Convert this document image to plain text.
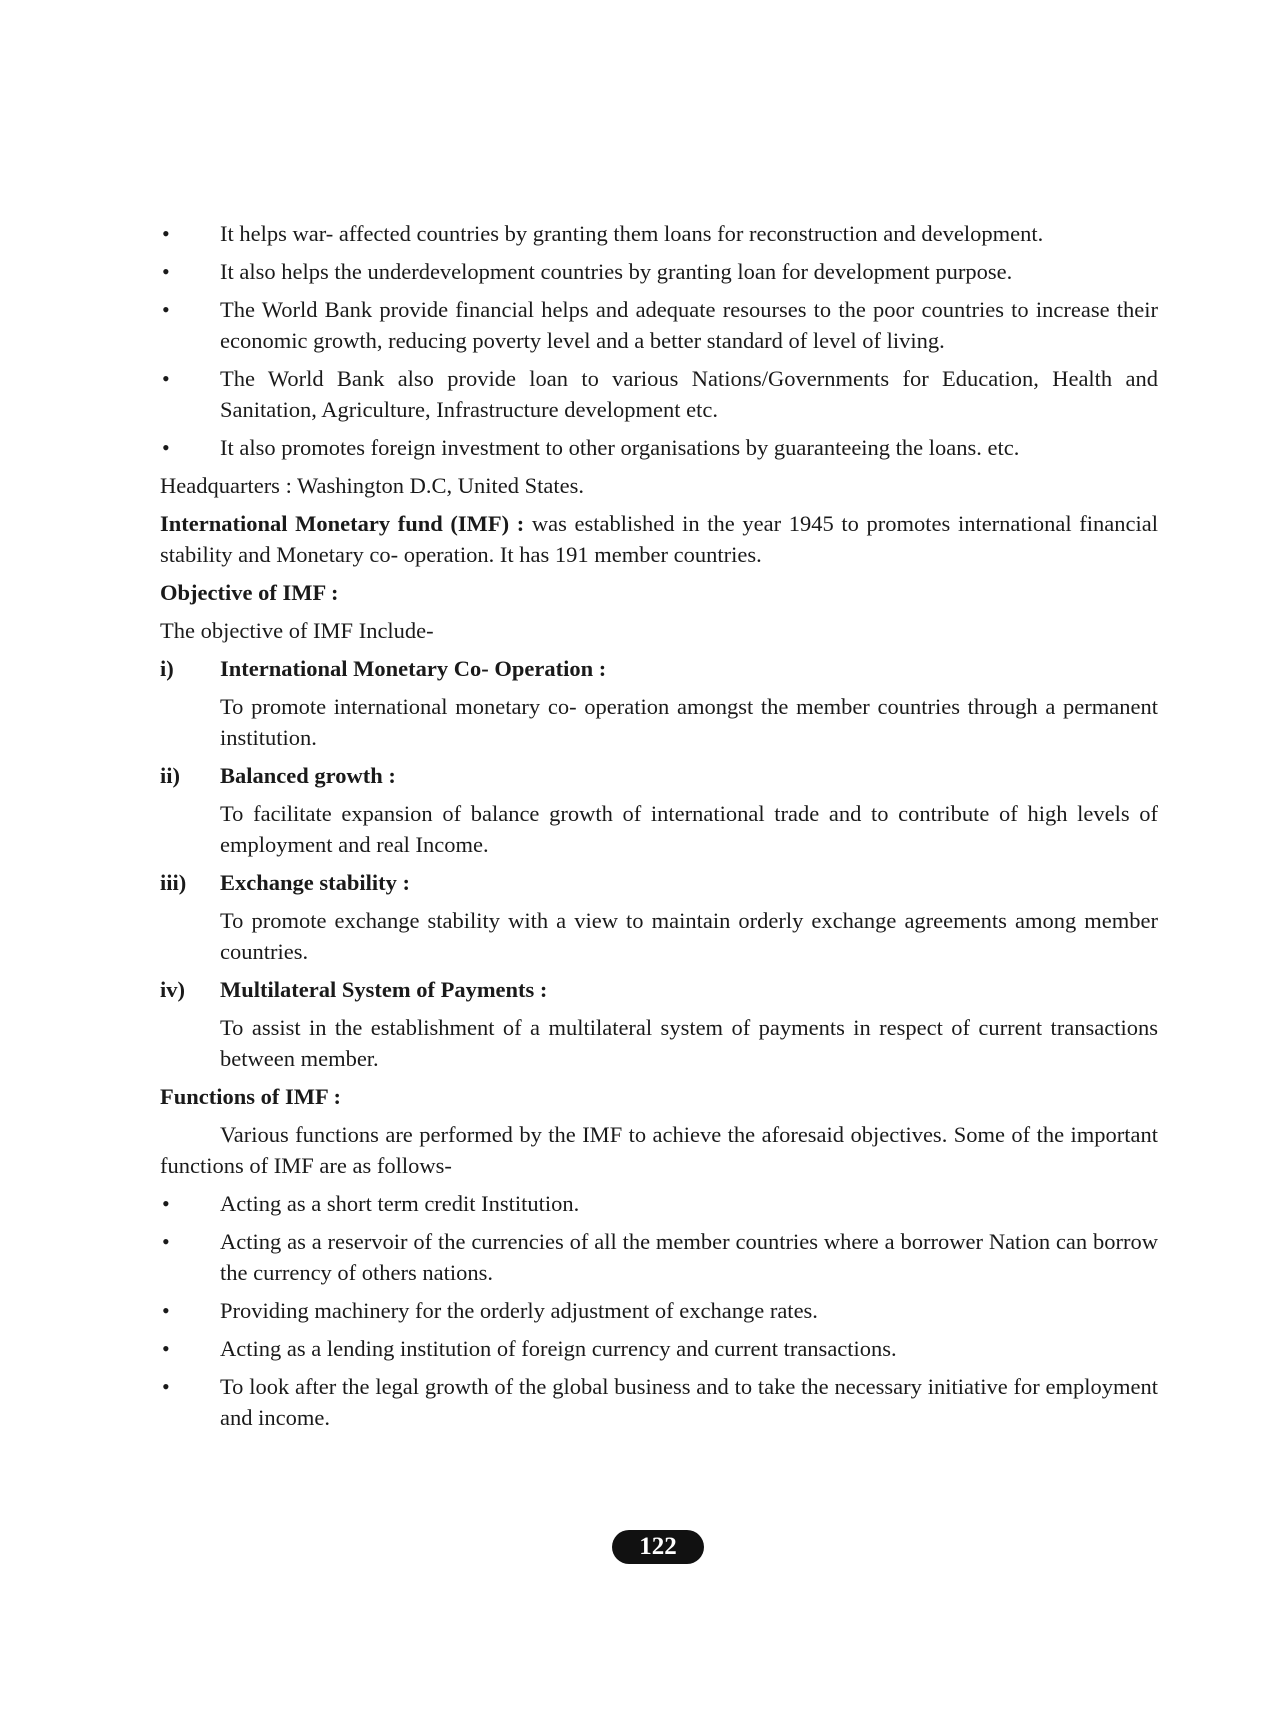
•	It helps war- affected countries by granting them loans for reconstruction and development.
•	It also helps the underdevelopment countries by granting loan for development purpose.
•	The World Bank provide financial helps and adequate resourses to the poor countries to increase their economic growth, reducing poverty level and a better standard of level of living.
•	The World Bank also provide loan to various Nations/Governments for Education, Health and Sanitation, Agriculture, Infrastructure development etc.
•	It also promotes foreign investment to other organisations by guaranteeing the loans. etc.

Headquarters : Washington D.C, United States.

International Monetary fund (IMF) : was established in the year 1945 to promotes international financial stability and Monetary co- operation. It has 191 member countries.

Objective of IMF :

The objective of IMF Include-

i) International Monetary Co- Operation :

To promote international monetary co- operation amongst the member countries through a permanent institution.

ii) Balanced growth :

To facilitate expansion of balance growth of international trade and to contribute of high levels of employment and real Income.

iii) Exchange stability :

To promote exchange stability with a view to maintain orderly exchange agreements among member countries.

iv) Multilateral System of Payments :

To assist in the establishment of a multilateral system of payments in respect of current transactions between member.

Functions of IMF :

Various functions are performed by the IMF to achieve the aforesaid objectives. Some of the important functions of IMF are as follows-

•	Acting as a short term credit Institution.
•	Acting as a reservoir of the currencies of all the member countries where a borrower Nation can borrow the currency of others nations.
•	Providing machinery for the orderly adjustment of exchange rates.
•	Acting as a lending institution of foreign currency and current transactions.
•	To look after the legal growth of the global business and to take the necessary initiative for employment and income.
122
